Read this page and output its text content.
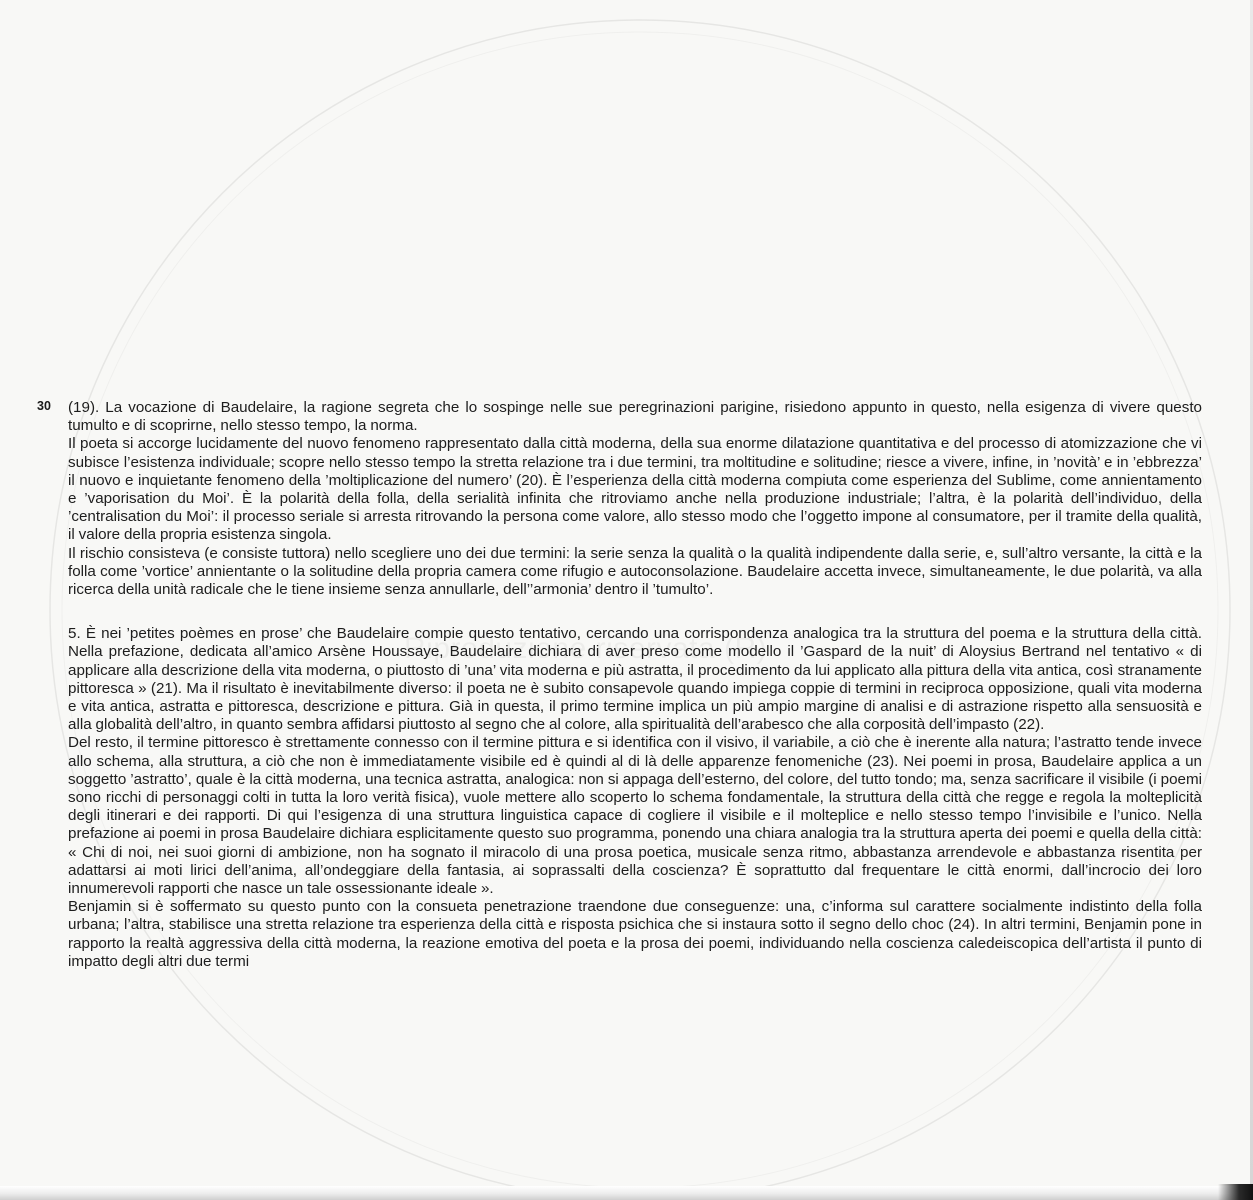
30 (19). La vocazione di Baudelaire, la ragione segreta che lo sospinge nelle sue peregrinazioni parigine, risiedono appunto in questo, nella esigenza di vivere questo tumulto e di scoprirne, nello stesso tempo, la norma.

Il poeta si accorge lucidamente del nuovo fenomeno rappresentato dalla città moderna, della sua enorme dilatazione quantitativa e del processo di atomizzazione che vi subisce l’esistenza individuale; scopre nello stesso tempo la stretta relazione tra i due termini, tra moltitudine e solitudine; riesce a vivere, infine, in ’novità’ e in ’ebbrezza’ il nuovo e inquietante fenomeno della ’moltiplicazione del numero’ (20). È l’esperienza della città moderna compiuta come esperienza del Sublime, come annientamento e ’vaporisation du Moi’. È la polarità della folla, della serialità infinita che ritroviamo anche nella produzione industriale; l’altra, è la polarità dell’individuo, della ’centralisation du Moi’: il processo seriale si arresta ritrovando la persona come valore, allo stesso modo che l’oggetto impone al consumatore, per il tramite della qualità, il valore della propria esistenza singola.

Il rischio consisteva (e consiste tuttora) nello scegliere uno dei due termini: la serie senza la qualità o la qualità indipendente dalla serie, e, sull’altro versante, la città e la folla come ’vortice’ annientante o la solitudine della propria camera come rifugio e autoconsolazione. Baudelaire accetta invece, simultaneamente, le due polarità, va alla ricerca della unità radicale che le tiene insieme senza annullarle, dell’’armonia’ dentro il ’tumulto’.

5. È nei ’petites poèmes en prose’ che Baudelaire compie questo tentativo, cercando una corrispondenza analogica tra la struttura del poema e la struttura della città. Nella prefazione, dedicata all’amico Arsène Houssaye, Baudelaire dichiara di aver preso come modello il ’Gaspard de la nuit’ di Aloysius Bertrand nel tentativo « di applicare alla descrizione della vita moderna, o piuttosto di ’una’ vita moderna e più astratta, il procedimento da lui applicato alla pittura della vita antica, così stranamente pittoresca » (21). Ma il risultato è inevitabilmente diverso: il poeta ne è subito consapevole quando impiega coppie di termini in reciproca opposizione, quali vita moderna e vita antica, astratta e pittoresca, descrizione e pittura. Già in questa, il primo termine implica un più ampio margine di analisi e di astrazione rispetto alla sensuosità e alla globalità dell’altro, in quanto sembra affidarsi piuttosto al segno che al colore, alla spiritualità dell’arabesco che alla corposità dell’impasto (22).

Del resto, il termine pittoresco è strettamente connesso con il termine pittura e si identifica con il visivo, il variabile, a ciò che è inerente alla natura; l’astratto tende invece allo schema, alla struttura, a ciò che non è immediatamente visibile ed è quindi al di là delle apparenze fenomeniche (23). Nei poemi in prosa, Baudelaire applica a un soggetto ’astratto’, quale è la città moderna, una tecnica astratta, analogica: non si appaga dell’esterno, del colore, del tutto tondo; ma, senza sacrificare il visibile (i poemi sono ricchi di personaggi colti in tutta la loro verità fisica), vuole mettere allo scoperto lo schema fondamentale, la struttura della città che regge e regola la molteplicità degli itinerari e dei rapporti. Di qui l’esigenza di una struttura linguistica capace di cogliere il visibile e il molteplice e nello stesso tempo l’invisibile e l’unico. Nella prefazione ai poemi in prosa Baudelaire dichiara esplicitamente questo suo programma, ponendo una chiara analogia tra la struttura aperta dei poemi e quella della città: « Chi di noi, nei suoi giorni di ambizione, non ha sognato il miracolo di una prosa poetica, musicale senza ritmo, abbastanza arrendevole e abbastanza risentita per adattarsi ai moti lirici dell’anima, all’ondeggiare della fantasia, ai soprassalti della coscienza? È soprattutto dal frequentare le città enormi, dall’incrocio dei loro innumerevoli rapporti che nasce un tale ossessionante ideale ».

Benjamin si è soffermato su questo punto con la consueta penetrazione traendone due conseguenze: una, c’informa sul carattere socialmente indistinto della folla urbana; l’altra, stabilisce una stretta relazione tra esperienza della città e risposta psichica che si instaura sotto il segno dello choc (24). In altri termini, Benjamin pone in rapporto la realtà aggressiva della città moderna, la reazione emotiva del poeta e la prosa dei poemi, individuando nella coscienza caledeiscopica dell’artista il punto di impatto degli altri due termi
